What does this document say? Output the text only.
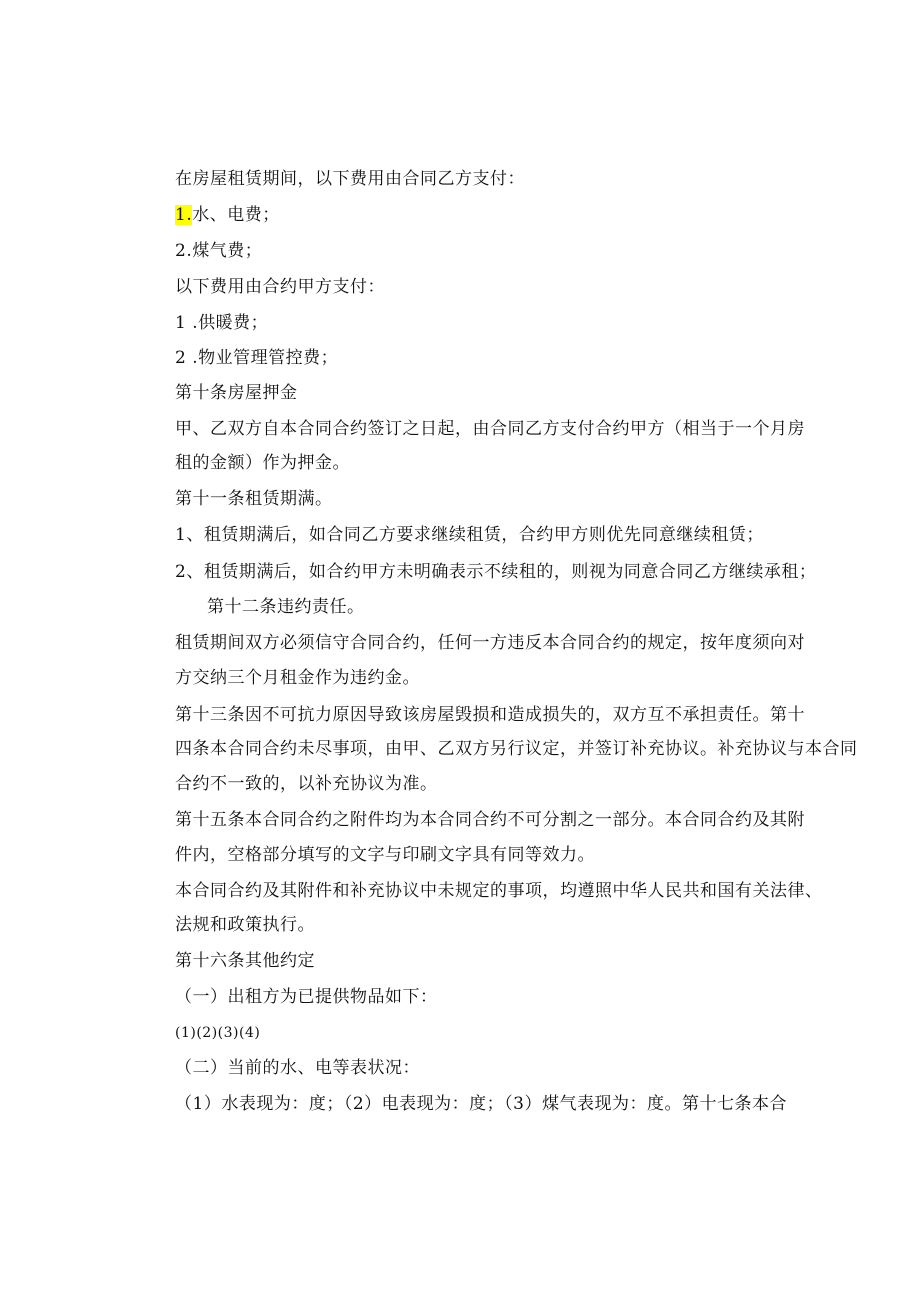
在房屋租赁期间，以下费用由合同乙方支付：
1.水、电费；
2.煤气费；
以下费用由合约甲方支付：
1 .供暖费；
2 .物业管理管控费；
第十条房屋押金
甲、乙双方自本合同合约签订之日起，由合同乙方支付合约甲方（相当于一个月房
租的金额）作为押金。
第十一条租赁期满。
1、租赁期满后，如合同乙方要求继续租赁，合约甲方则优先同意继续租赁；
2、租赁期满后，如合约甲方未明确表示不续租的，则视为同意合同乙方继续承租；
第十二条违约责任。
租赁期间双方必须信守合同合约，任何一方违反本合同合约的规定，按年度须向对
方交纳三个月租金作为违约金。
第十三条因不可抗力原因导致该房屋毁损和造成损失的，双方互不承担责任。第十
四条本合同合约未尽事项，由甲、乙双方另行议定，并签订补充协议。补充协议与本合同
合约不一致的，以补充协议为准。
第十五条本合同合约之附件均为本合同合约不可分割之一部分。本合同合约及其附
件内，空格部分填写的文字与印刷文字具有同等效力。
本合同合约及其附件和补充协议中未规定的事项，均遵照中华人民共和国有关法律、
法规和政策执行。
第十六条其他约定
（一）出租方为已提供物品如下：
(1)(2)(3)(4)
（二）当前的水、电等表状况：
（1）水表现为：度；（2）电表现为：度；（3）煤气表现为：度。第十七条本合
